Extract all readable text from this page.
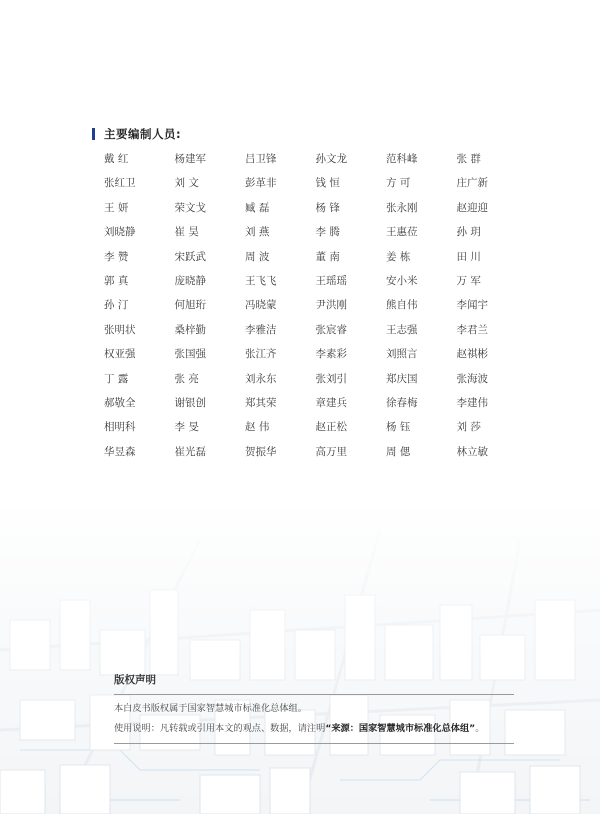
主要编制人员:
戴 红	杨建军	吕卫锋	孙文龙	范科峰	张 群
张红卫	刘 文	彭革非	钱 恒	方 可	庄广新
王 妍	荣文戈	臧 磊	杨 锋	张永刚	赵迎迎
刘晓静	崔 昊	刘 燕	李 腾	王惠莅	孙 玥
李 赞	宋跃武	周 波	董 南	姜 栋	田 川
郭 真	庞晓静	王飞飞	王瑶瑶	安小米	万 军
孙 汀	何旭珩	冯晓蒙	尹洪刚	熊自伟	李闻宇
张明状	桑梓勤	李雅洁	张宸睿	王志强	李君兰
权亚强	张国强	张江齐	李素彩	刘照言	赵祺彬
丁 露	张 亮	刘永东	张刘引	郑庆国	张海波
郝敬全	谢银创	郑其荣	章建兵	徐春梅	李建伟
相明科	李 旻	赵 伟	赵正松	杨 钰	刘 莎
华昱森	崔光磊	贺振华	高万里	周 偲	林立敏
版权声明
本白皮书版权属于国家智慧城市标准化总体组。
使用说明：凡转载或引用本文的观点、数据，请注明“来源：国家智慧城市标准化总体组”。
